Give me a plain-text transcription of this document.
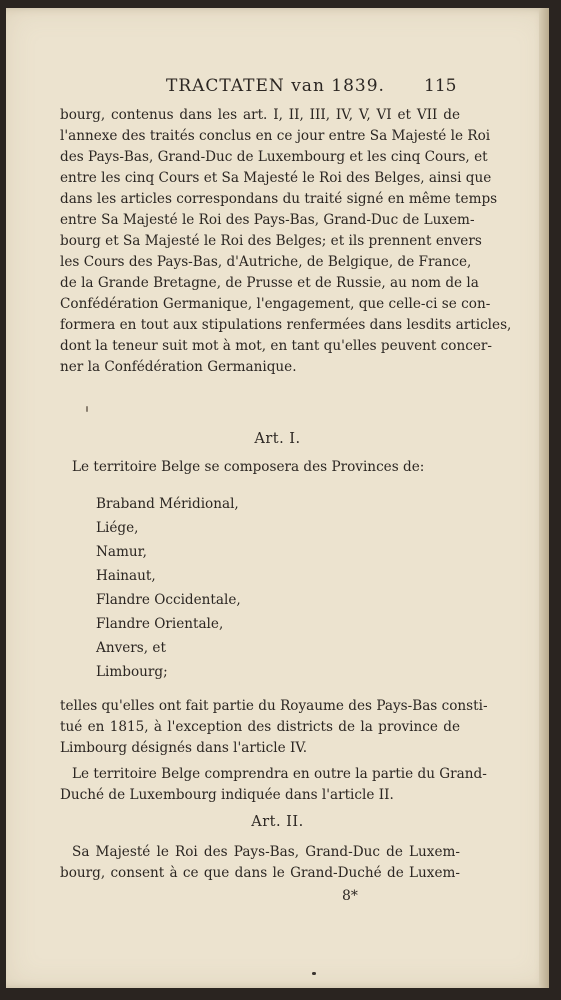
TRACTATEN van 1839. 115
bourg, contenus dans les art. I, II, III, IV, V, VI et VII de
l'annexe des traités conclus en ce jour entre Sa Majesté le Roi
des Pays-Bas, Grand-Duc de Luxembourg et les cinq Cours, et
entre les cinq Cours et Sa Majesté le Roi des Belges, ainsi que
dans les articles correspondans du traité signé en même temps
entre Sa Majesté le Roi des Pays-Bas, Grand-Duc de Luxem-
bourg et Sa Majesté le Roi des Belges; et ils prennent envers
les Cours des Pays-Bas, d'Autriche, de Belgique, de France,
de la Grande Bretagne, de Prusse et de Russie, au nom de la
Confédération Germanique, l'engagement, que celle-ci se con-
formera en tout aux stipulations renfermées dans lesdits articles,
dont la teneur suit mot à mot, en tant qu'elles peuvent concer-
ner la Confédération Germanique.
Art. I.
Le territoire Belge se composera des Provinces de:
Braband Méridional,
Liége,
Namur,
Hainaut,
Flandre Occidentale,
Flandre Orientale,
Anvers, et
Limbourg;
telles qu'elles ont fait partie du Royaume des Pays-Bas consti-
tué en 1815, à l'exception des districts de la province de
Limbourg désignés dans l'article IV.
Le territoire Belge comprendra en outre la partie du Grand-
Duché de Luxembourg indiquée dans l'article II.
Art. II.
Sa Majesté le Roi des Pays-Bas, Grand-Duc de Luxem-
bourg, consent à ce que dans le Grand-Duché de Luxem-
8*
